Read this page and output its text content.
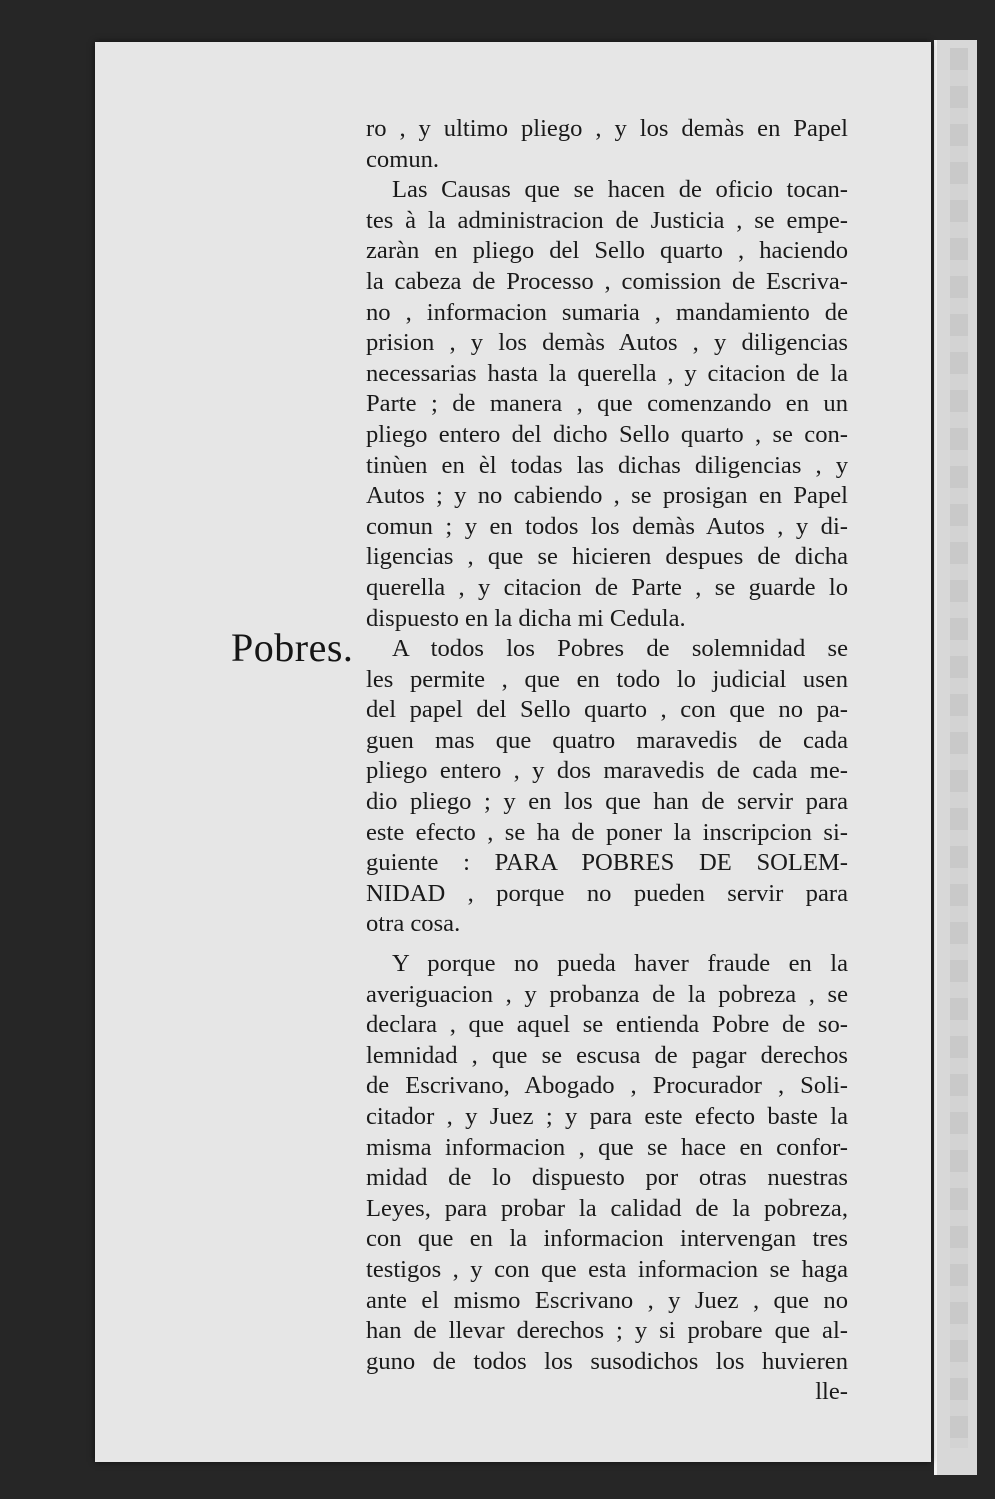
Pobres.

ro , y ultimo pliego , y los demàs en Papel
comun.
Las Causas que se hacen de oficio tocan-
tes à la administracion de Justicia , se empe-
zaràn en pliego del Sello quarto , haciendo
la cabeza de Processo , comission de Escriva-
no , informacion sumaria , mandamiento de
prision , y los demàs Autos , y diligencias
necessarias hasta la querella , y citacion de la
Parte ; de manera , que comenzando en un
pliego entero del dicho Sello quarto , se con-
tinùen en èl todas las dichas diligencias , y
Autos ; y no cabiendo , se prosigan en Papel
comun ; y en todos los demàs Autos , y di-
ligencias , que se hicieren despues de dicha
querella , y citacion de Parte , se guarde lo
dispuesto en la dicha mi Cedula.
A todos los Pobres de solemnidad se
les permite , que en todo lo judicial usen
del papel del Sello quarto , con que no pa-
guen mas que quatro maravedis de cada
pliego entero , y dos maravedis de cada me-
dio pliego ; y en los que han de servir para
este efecto , se ha de poner la inscripcion si-
guiente : PARA POBRES DE SOLEM-
NIDAD , porque no pueden servir para
otra cosa.
Y porque no pueda haver fraude en la
averiguacion , y probanza de la pobreza , se
declara , que aquel se entienda Pobre de so-
lemnidad , que se escusa de pagar derechos
de Escrivano, Abogado , Procurador , Soli-
citador , y Juez ; y para este efecto baste la
misma informacion , que se hace en confor-
midad de lo dispuesto por otras nuestras
Leyes, para probar la calidad de la pobreza,
con que en la informacion intervengan tres
testigos , y con que esta informacion se haga
ante el mismo Escrivano , y Juez , que no
han de llevar derechos ; y si probare que al-
guno de todos los susodichos los huvieren
lle-
